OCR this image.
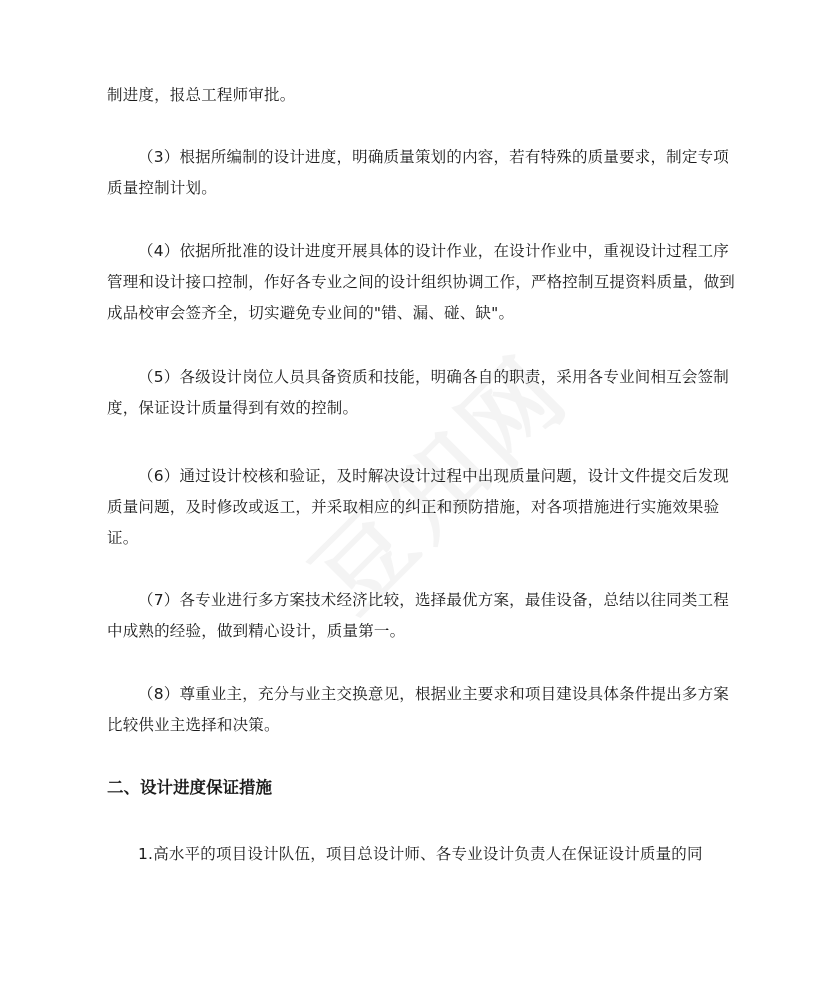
制进度，报总工程师审批。

（3）根据所编制的设计进度，明确质量策划的内容，若有特殊的质量要求，制定专项质量控制计划。

（4）依据所批准的设计进度开展具体的设计作业，在设计作业中，重视设计过程工序管理和设计接口控制，作好各专业之间的设计组织协调工作，严格控制互提资料质量，做到成品校审会签齐全，切实避免专业间的"错、漏、碰、缺"。

（5）各级设计岗位人员具备资质和技能，明确各自的职责，采用各专业间相互会签制度，保证设计质量得到有效的控制。

（6）通过设计校核和验证，及时解决设计过程中出现质量问题，设计文件提交后发现质量问题，及时修改或返工，并采取相应的纠正和预防措施，对各项措施进行实施效果验证。

（7）各专业进行多方案技术经济比较，选择最优方案，最佳设备，总结以往同类工程中成熟的经验，做到精心设计，质量第一。

（8）尊重业主，充分与业主交换意见，根据业主要求和项目建设具体条件提出多方案比较供业主选择和决策。

二、设计进度保证措施

1.高水平的项目设计队伍，项目总设计师、各专业设计负责人在保证设计质量的同
